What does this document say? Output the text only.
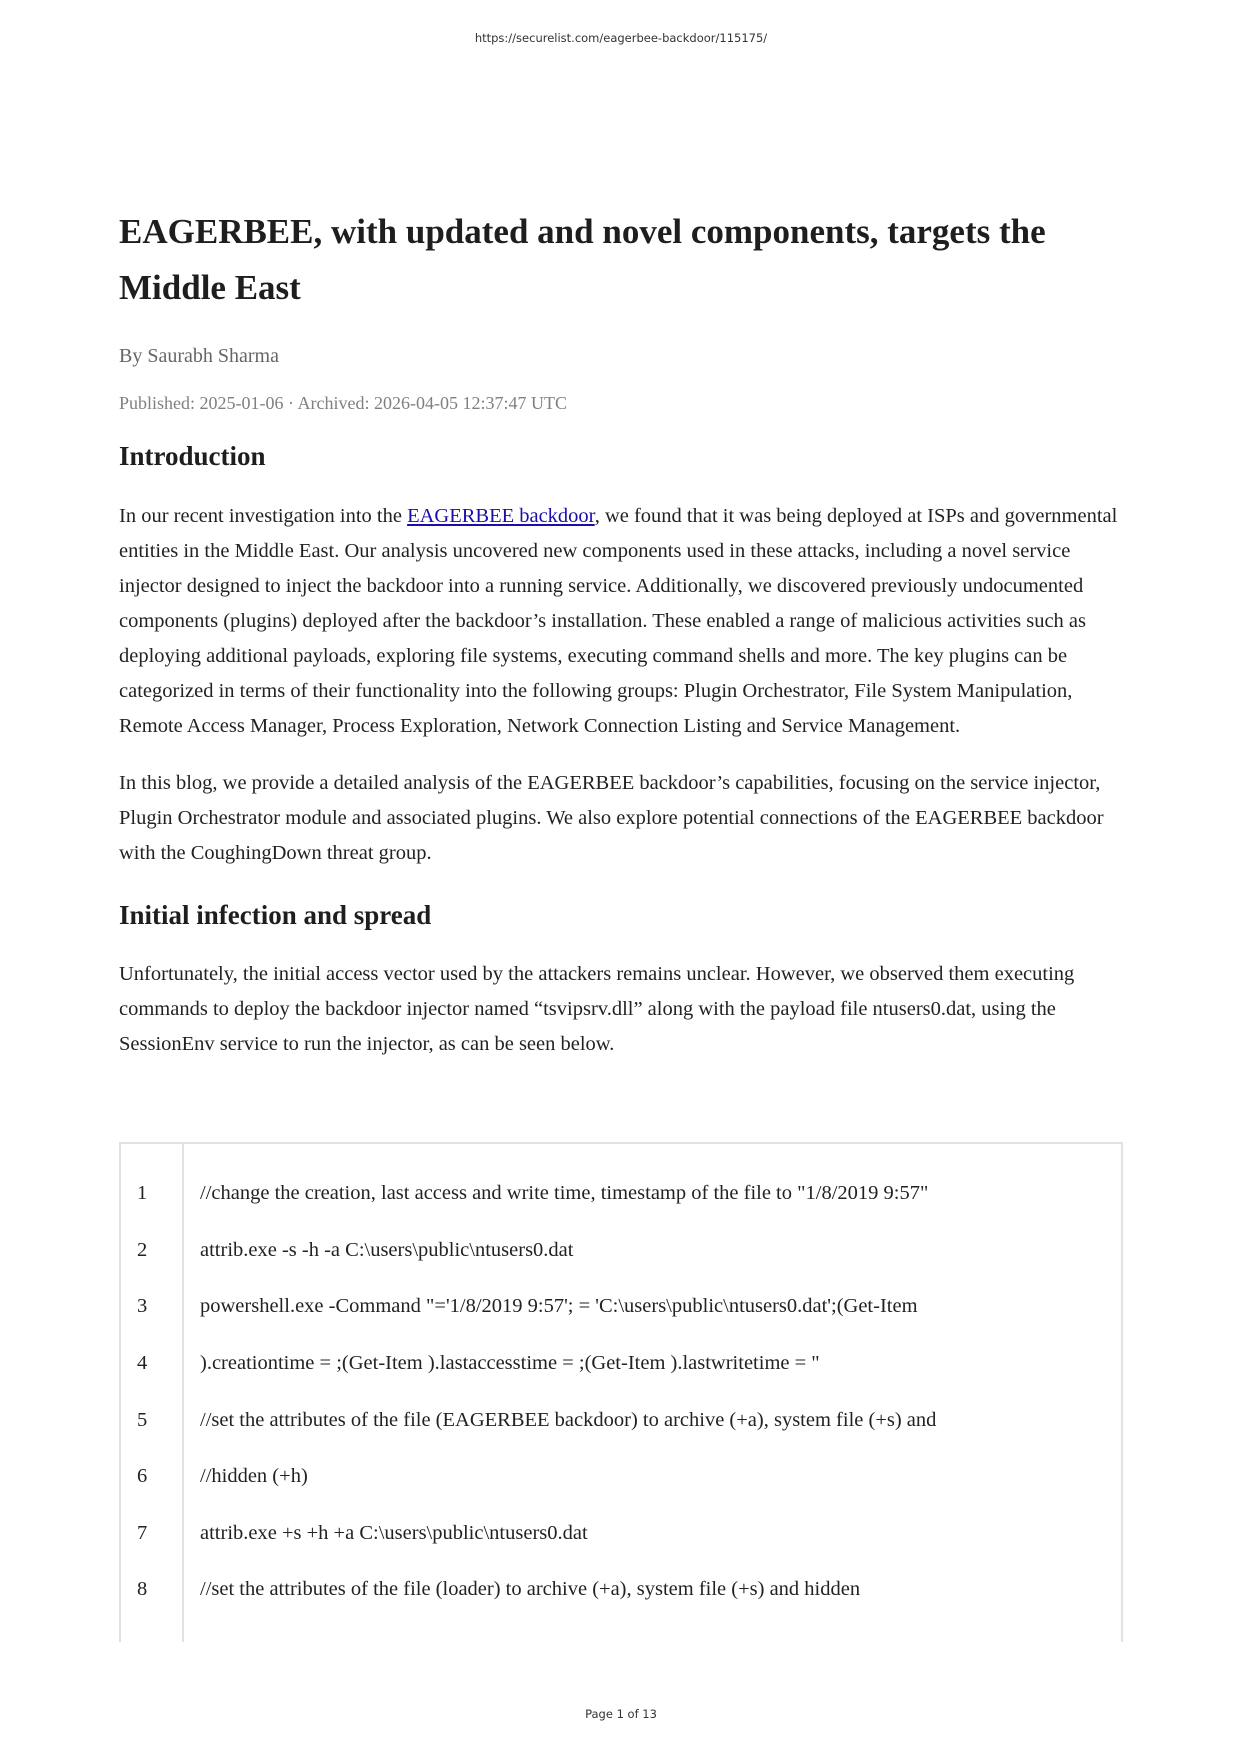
https://securelist.com/eagerbee-backdoor/115175/
EAGERBEE, with updated and novel components, targets the Middle East
By Saurabh Sharma
Published: 2025-01-06 · Archived: 2026-04-05 12:37:47 UTC
Introduction

In our recent investigation into the EAGERBEE backdoor, we found that it was being deployed at ISPs and governmental entities in the Middle East. Our analysis uncovered new components used in these attacks, including a novel service injector designed to inject the backdoor into a running service. Additionally, we discovered previously undocumented components (plugins) deployed after the backdoor’s installation. These enabled a range of malicious activities such as deploying additional payloads, exploring file systems, executing command shells and more. The key plugins can be categorized in terms of their functionality into the following groups: Plugin Orchestrator, File System Manipulation, Remote Access Manager, Process Exploration, Network Connection Listing and Service Management.

In this blog, we provide a detailed analysis of the EAGERBEE backdoor’s capabilities, focusing on the service injector, Plugin Orchestrator module and associated plugins. We also explore potential connections of the EAGERBEE backdoor with the CoughingDown threat group.

Initial infection and spread

Unfortunately, the initial access vector used by the attackers remains unclear. However, we observed them executing commands to deploy the backdoor injector named “tsvipsrv.dll” along with the payload file ntusers0.dat, using the SessionEnv service to run the injector, as can be seen below.

1	//change the creation, last access and write time, timestamp of the file to "1/8/2019 9:57"
2	attrib.exe -s -h -a C:\users\public\ntusers0.dat
3	powershell.exe -Command "='1/8/2019 9:57'; = 'C:\users\public\ntusers0.dat';(Get-Item
4	).creationtime = ;(Get-Item ).lastaccesstime = ;(Get-Item ).lastwritetime = "
5	//set the attributes of the file (EAGERBEE backdoor) to archive (+a), system file (+s) and
6	//hidden (+h)
7	attrib.exe +s +h +a C:\users\public\ntusers0.dat
8	//set the attributes of the file (loader) to archive (+a), system file (+s) and hidden
Page 1 of 13
